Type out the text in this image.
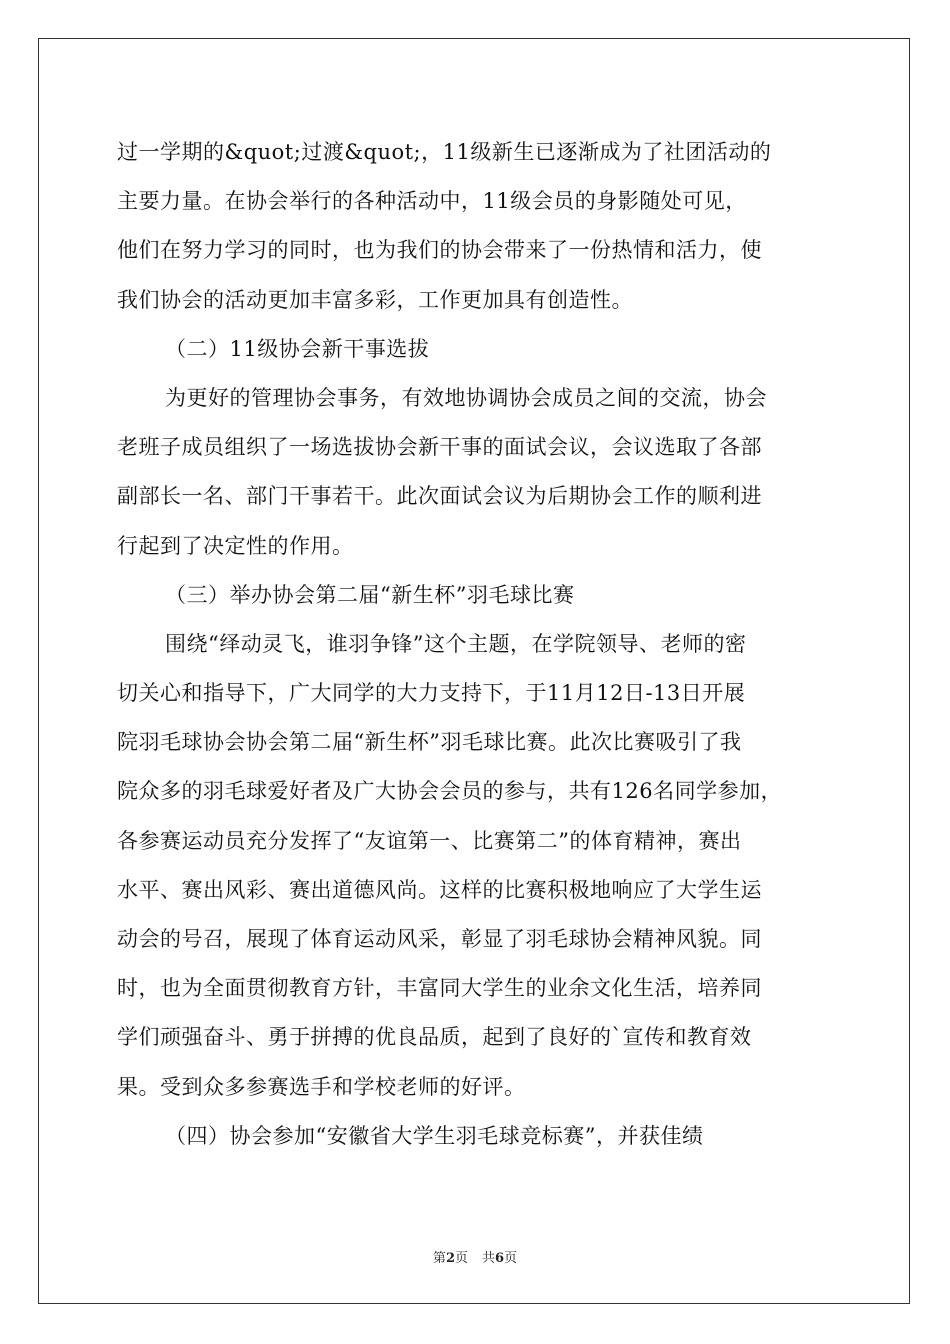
过一学期的&quot;过渡&quot;，11级新生已逐渐成为了社团活动的
主要力量。在协会举行的各种活动中，11级会员的身影随处可见，
他们在努力学习的同时，也为我们的协会带来了一份热情和活力，使
我们协会的活动更加丰富多彩，工作更加具有创造性。
（二）11级协会新干事选拔
为更好的管理协会事务，有效地协调协会成员之间的交流，协会
老班子成员组织了一场选拔协会新干事的面试会议，会议选取了各部
副部长一名、部门干事若干。此次面试会议为后期协会工作的顺利进
行起到了决定性的作用。
（三）举办协会第二届“新生杯”羽毛球比赛
围绕“绎动灵飞，谁羽争锋”这个主题，在学院领导、老师的密
切关心和指导下，广大同学的大力支持下，于11月12日-13日开展
院羽毛球协会协会第二届“新生杯”羽毛球比赛。此次比赛吸引了我
院众多的羽毛球爱好者及广大协会会员的参与，共有126名同学参加，
各参赛运动员充分发挥了“友谊第一、比赛第二”的体育精神，赛出
水平、赛出风彩、赛出道德风尚。这样的比赛积极地响应了大学生运
动会的号召，展现了体育运动风采，彰显了羽毛球协会精神风貌。同
时，也为全面贯彻教育方针，丰富同大学生的业余文化生活，培养同
学们顽强奋斗、勇于拼搏的优良品质，起到了良好的`宣传和教育效
果。受到众多参赛选手和学校老师的好评。
（四）协会参加“安徽省大学生羽毛球竞标赛”，并获佳绩
第2页 共6页
